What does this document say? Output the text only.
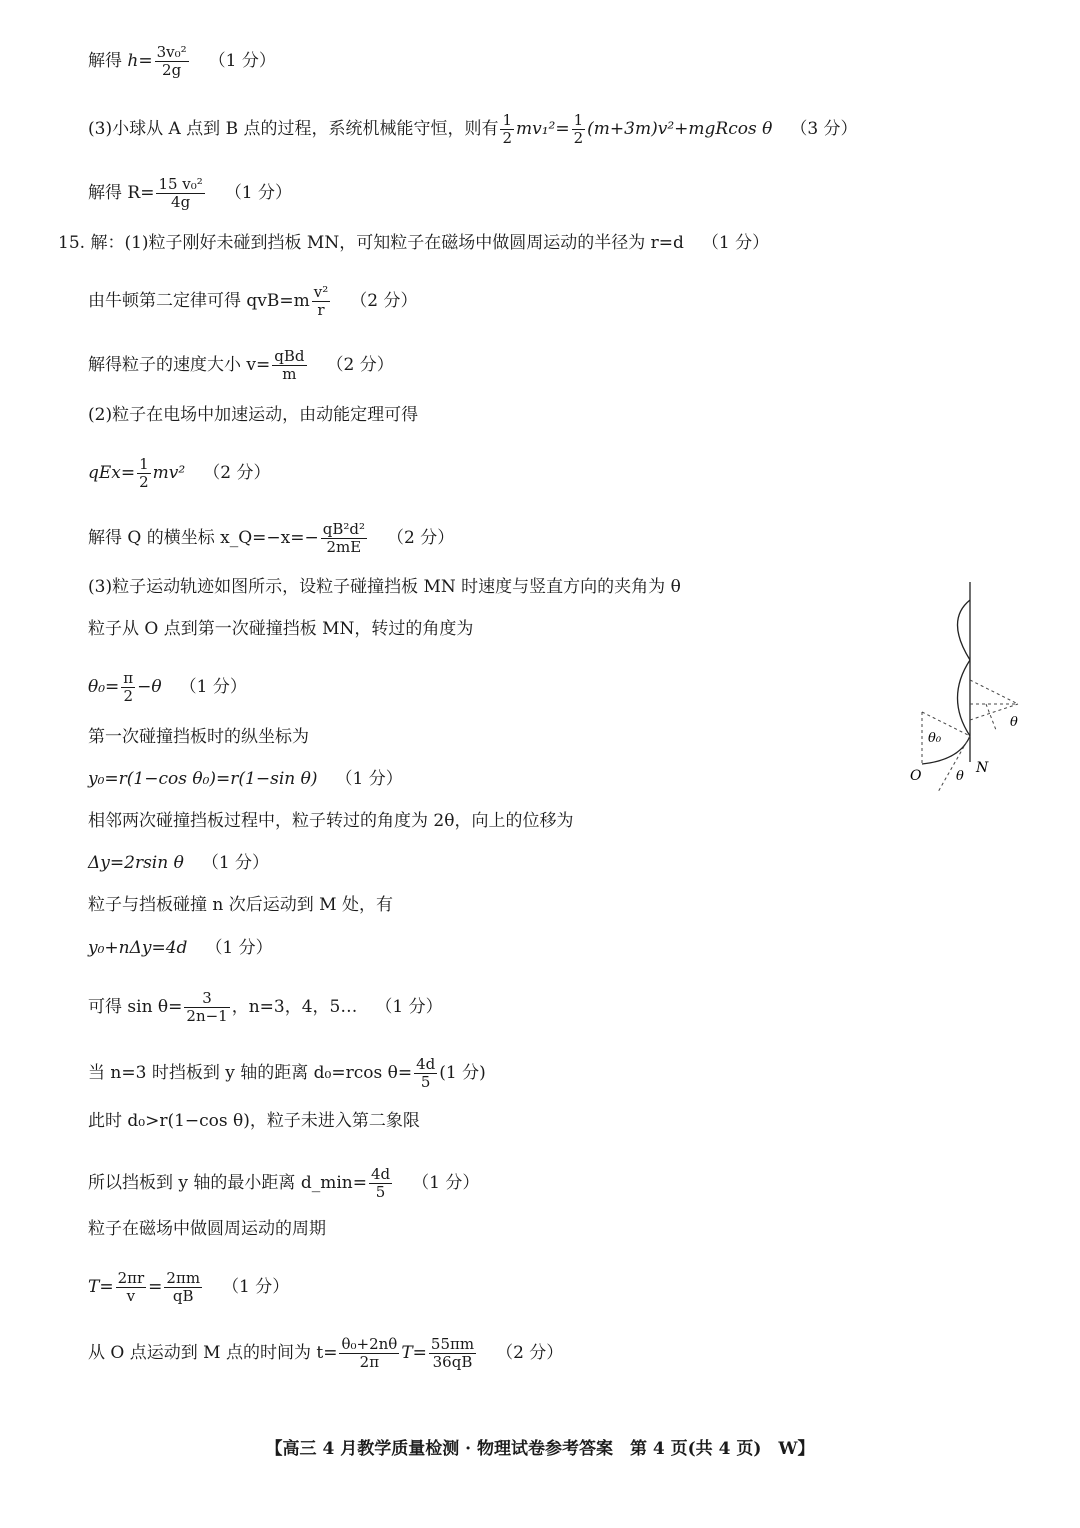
解得 $h= \frac{\text{3v₀²}}{2g} (1$ 分）
(3)小球从 A 点到 B 点的过程，系统机械能守恒，则有 $\frac{1}{2} mv_1^2= \frac{1}{2} (m+3m)v^2+mgRcos$ θ （3 分）
解得 $R= \frac{\text{15 v₀²}}{4g} (1$ 分）
15. 解：(1)粒子刚好未碰到挡板 MN，可知粒子在磁场中做圆周运动的半径为 r=d （1 分）
由牛顿第二定律可得 $qvB=m \frac{\text{v²}}{r} (2$ 分）
解得粒子的速度大小 $v= \frac{\text{qBd}}{m} (2$ 分）
(2)粒子在电场中加速运动，由动能定理可得
$qEx= \frac{1}{2} mv^2$ （2 分）
解得 Q 的横坐标 x_Q=−x=− $\frac{\text{qB²d²}}{2mE} (2$ 分）
(3)粒子运动轨迹如图所示，设粒子碰撞挡板 MN 时速度与竖直方向的夹角为 θ
粒子从 O 点到第一次碰撞挡板 MN，转过的角度为
$\theta_0= \frac{\pi}{2} -\theta$ （1 分）
第一次碰撞挡板时的纵坐标为
y₀=r(1−cos θ₀)=r(1−sin θ) （1 分）
相邻两次碰撞挡板过程中，粒子转过的角度为 2θ，向上的位移为
Δy=2rsin θ （1 分）
粒子与挡板碰撞 n 次后运动到 M 处，有
y₀+nΔy=4d （1 分）
可得 $\sin \theta= \frac{3}{2n-1}$ ，n=3，4，5… （1 分）
当 n=3 时挡板到 y 轴的距离 d₀=rcos $\theta= \frac{4d}{5} (1$ 分)
此时 d₀>r(1−cos θ)，粒子未进入第二象限
所以挡板到 y 轴的最小距离 d_min= $\frac{4d}{5} (1$ 分）
粒子在磁场中做圆周运动的周期
$T= \frac{2\pi r}{v} = \frac{2\pi m}{qB} (1$ 分）
从 O 点运动到 M 点的时间为 $t= \frac{\text{θ₀+2nθ}}{2\pi} T= \frac{55\pi m}{36qB} (2$ 分）
θ₀
θ
θ
O	N
【高三 4 月教学质量检测 · 物理试卷参考答案　第 4 页(共 4 页)　W】
